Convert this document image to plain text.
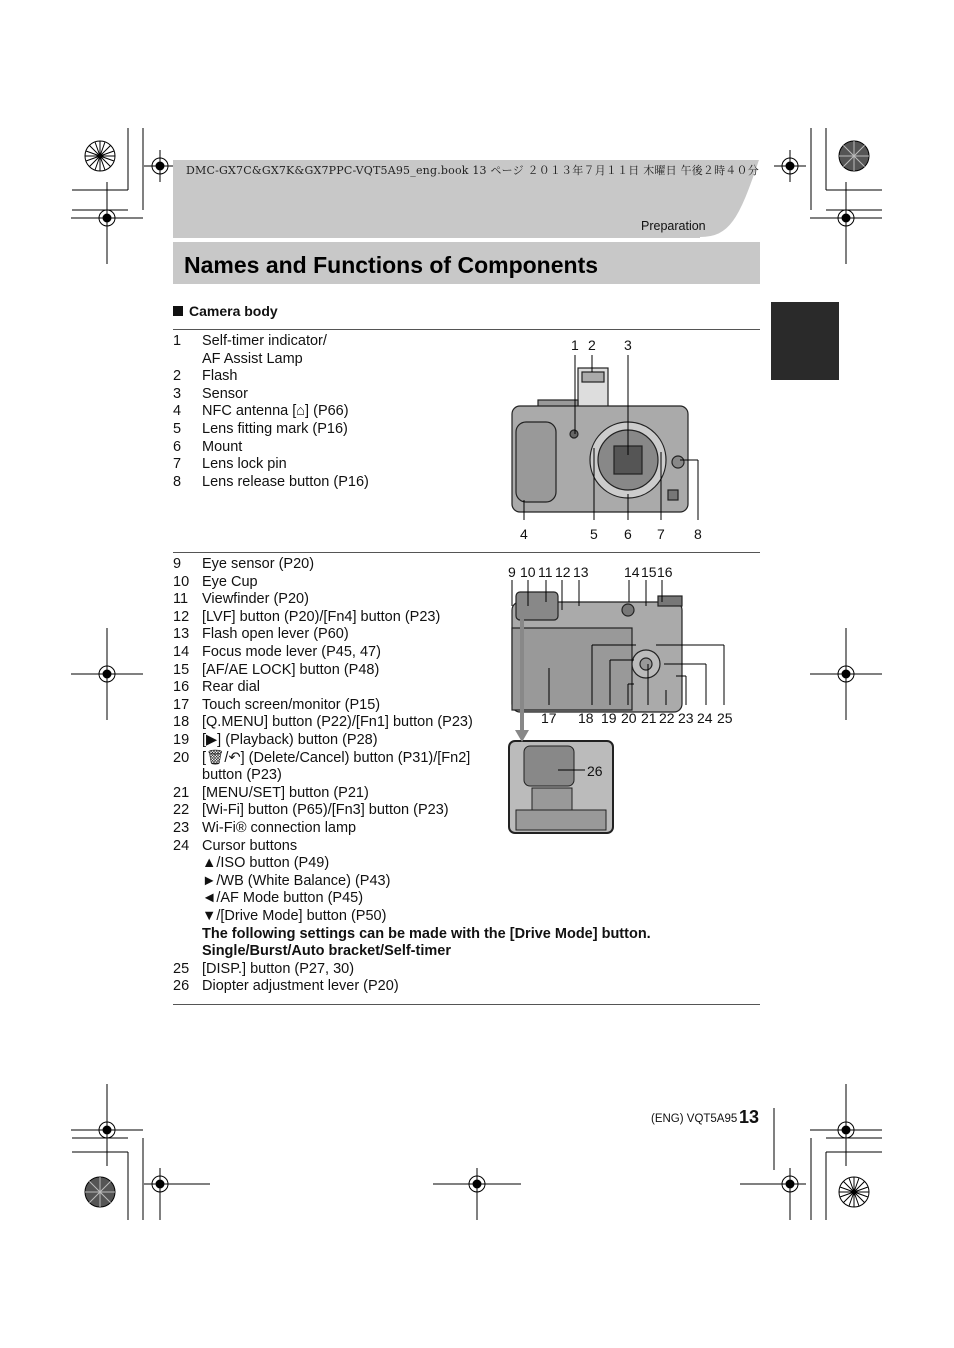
DMC-GX7C&GX7K&GX7PPC-VQT5A95_eng.book 13 ページ ２０１３年７月１１日 木曜日 午後２時４０分
Preparation
Names and Functions of Components
Camera body
1 Self-timer indicator/
AF Assist Lamp
2 Flash
3 Sensor
4 NFC antenna [⌂] (P66)
5 Lens fitting mark (P16)
6 Mount
7 Lens lock pin
8 Lens release button (P16)
9 Eye sensor (P20)
10 Eye Cup
11 Viewfinder (P20)
12 [LVF] button (P20)/[Fn4] button (P23)
13 Flash open lever (P60)
14 Focus mode lever (P45, 47)
15 [AF/AE LOCK] button (P48)
16 Rear dial
17 Touch screen/monitor (P15)
18 [Q.MENU] button (P22)/[Fn1] button (P23)
19 [▶] (Playback) button (P28)
20 [🗑/↶] (Delete/Cancel) button (P31)/[Fn2]
button (P23)
21 [MENU/SET] button (P21)
22 [Wi-Fi] button (P65)/[Fn3] button (P23)
23 Wi-Fi® connection lamp
24 Cursor buttons
▲/ISO button (P49)
►/WB (White Balance) (P43)
◄/AF Mode button (P45)
▼/[Drive Mode] button (P50)
The following settings can be made with the [Drive Mode] button.
Single/Burst/Auto bracket/Self-timer
25 [DISP.] button (P27, 30)
26 Diopter adjustment lever (P20)
1 2 3
4	5 6 7 8
9 10 11 12 13	14 15 16
17 18 19 20 21 22 23 24 25
26
(ENG) VQT5A95 13
